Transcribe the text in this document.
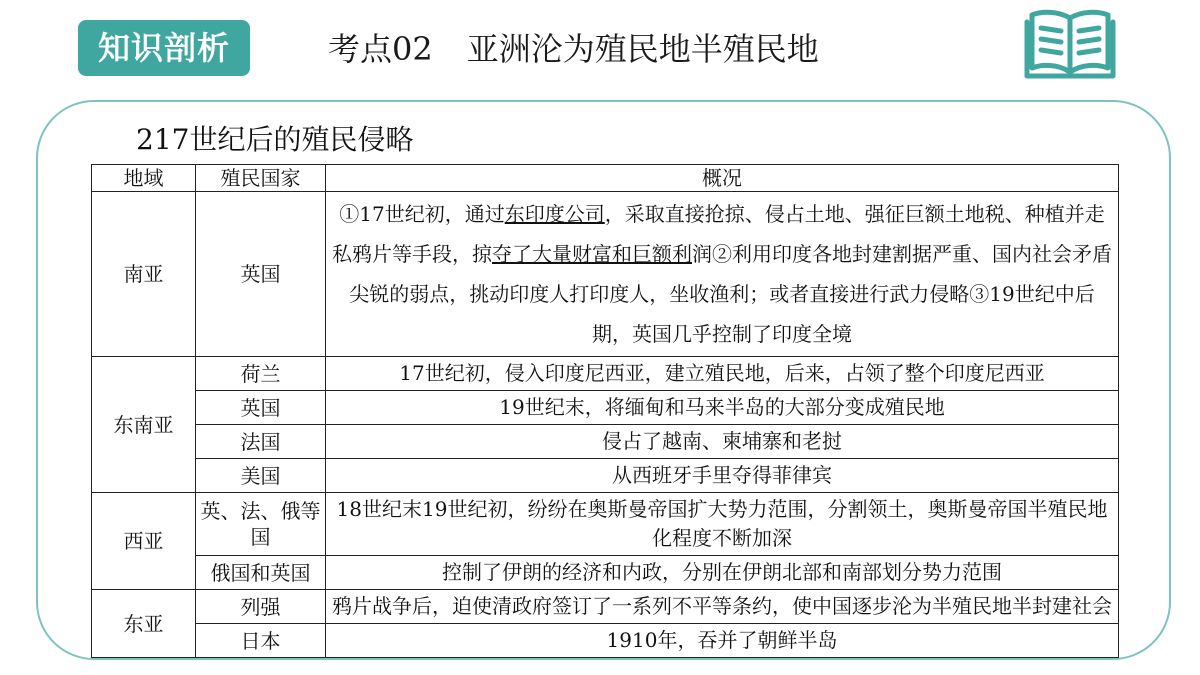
知识剖析	考点02 亚洲沦为殖民地半殖民地
217世纪后的殖民侵略
地域	殖民国家	概况
南亚	英国	①17世纪初，通过东印度公司，采取直接抢掠、侵占土地、强征巨额土地税、种植并走私鸦片等手段，掠夺了大量财富和巨额利润②利用印度各地封建割据严重、国内社会矛盾尖锐的弱点，挑动印度人打印度人，坐收渔利；或者直接进行武力侵略③19世纪中后期，英国几乎控制了印度全境
东南亚	荷兰	17世纪初，侵入印度尼西亚，建立殖民地，后来，占领了整个印度尼西亚
	英国	19世纪末，将缅甸和马来半岛的大部分变成殖民地
	法国	侵占了越南、柬埔寨和老挝
	美国	从西班牙手里夺得菲律宾
西亚	英、法、俄等国	18世纪末19世纪初，纷纷在奥斯曼帝国扩大势力范围，分割领土，奥斯曼帝国半殖民地化程度不断加深
	俄国和英国	控制了伊朗的经济和内政，分别在伊朗北部和南部划分势力范围
东亚	列强	鸦片战争后，迫使清政府签订了一系列不平等条约，使中国逐步沦为半殖民地半封建社会
	日本	1910年，吞并了朝鲜半岛
